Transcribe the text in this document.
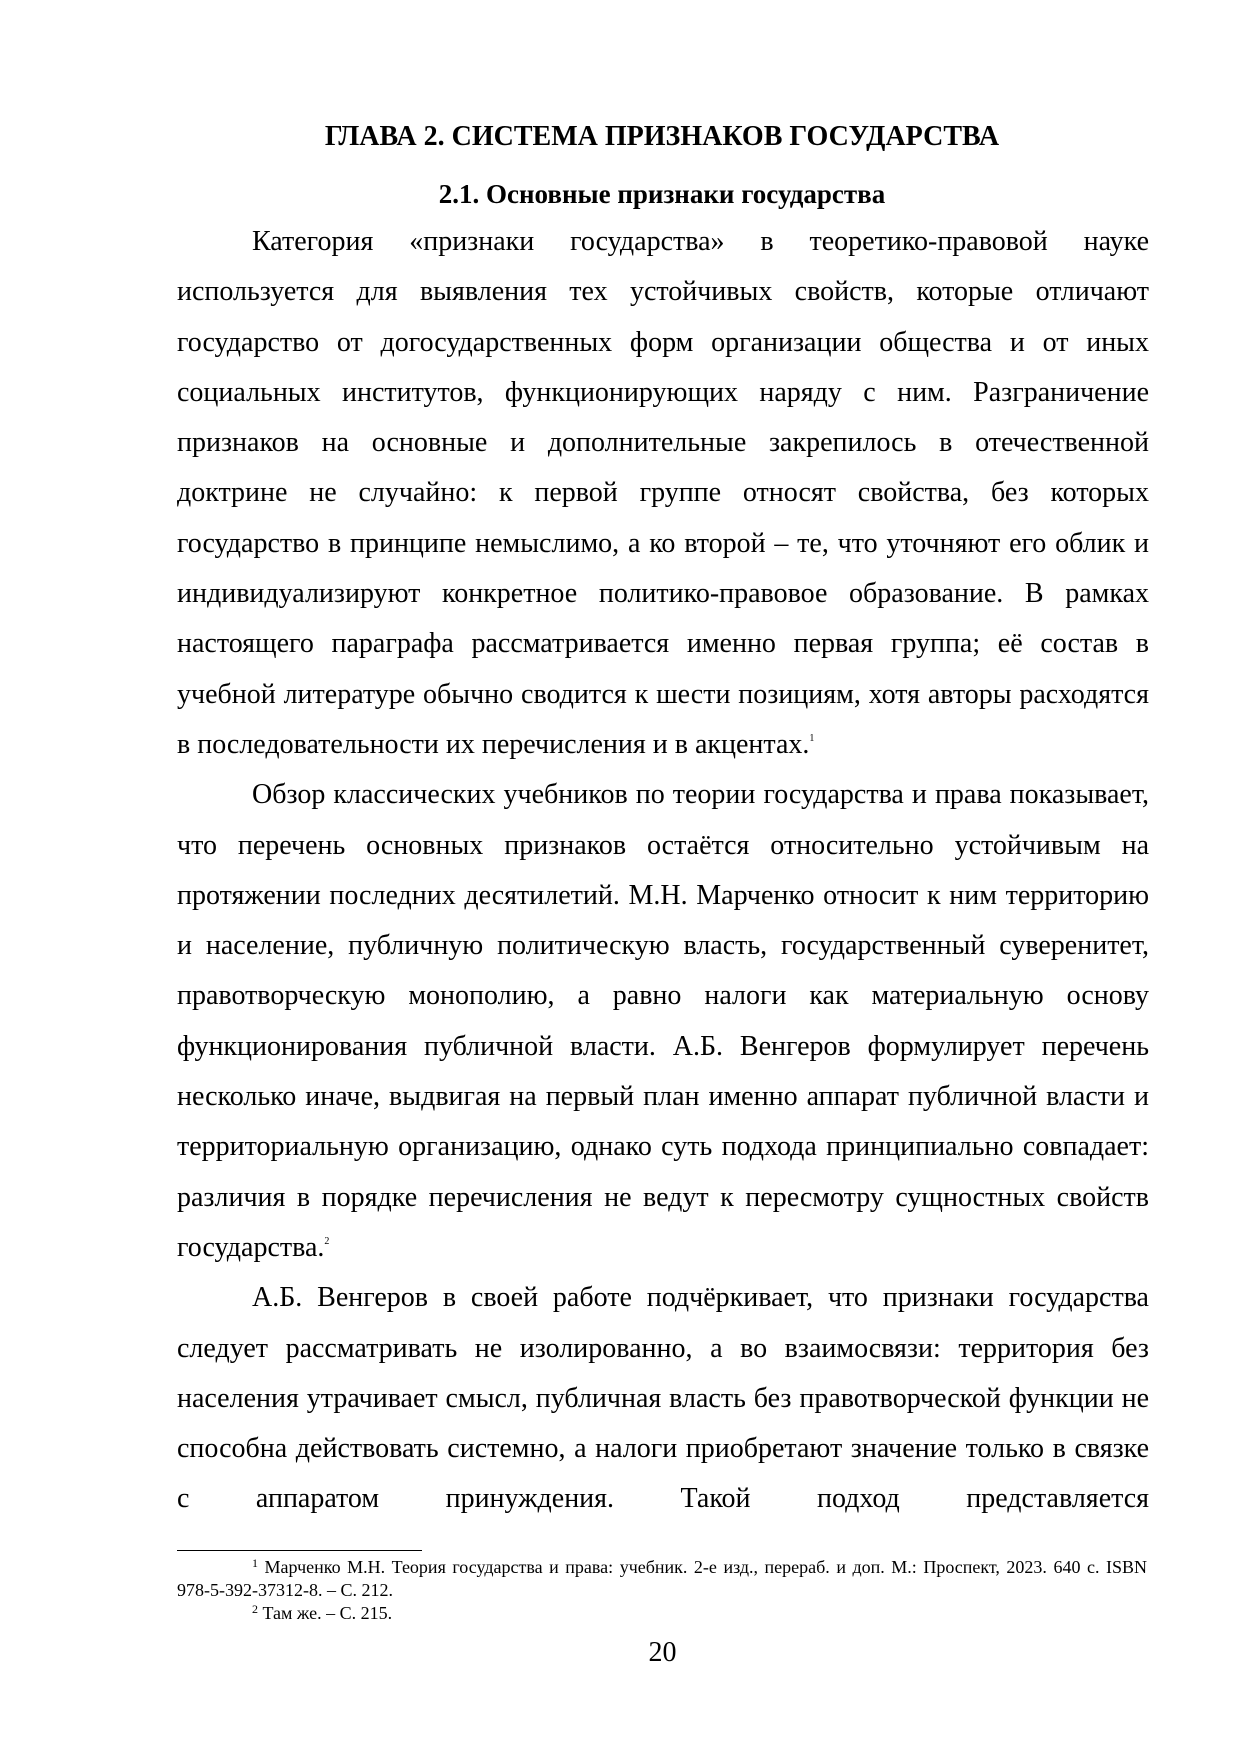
ГЛАВА 2. СИСТЕМА ПРИЗНАКОВ ГОСУДАРСТВА
2.1. Основные признаки государства

Категория «признаки государства» в теоретико-правовой науке используется для выявления тех устойчивых свойств, которые отличают государство от догосударственных форм организации общества и от иных социальных институтов, функционирующих наряду с ним. Разграничение признаков на основные и дополнительные закрепилось в отечественной доктрине не случайно: к первой группе относят свойства, без которых государство в принципе немыслимо, а ко второй – те, что уточняют его облик и индивидуализируют конкретное политико-правовое образование. В рамках настоящего параграфа рассматривается именно первая группа; её состав в учебной литературе обычно сводится к шести позициям, хотя авторы расходятся в последовательности их перечисления и в акцентах.$^1$

Обзор классических учебников по теории государства и права показывает, что перечень основных признаков остаётся относительно устойчивым на протяжении последних десятилетий. М.Н. Марченко относит к ним территорию и население, публичную политическую власть, государственный суверенитет, правотворческую монополию, а равно налоги как материальную основу функционирования публичной власти. А.Б. Венгеров формулирует перечень несколько иначе, выдвигая на первый план именно аппарат публичной власти и территориальную организацию, однако суть подхода принципиально совпадает: различия в порядке перечисления не ведут к пересмотру сущностных свойств государства.$^2$

А.Б. Венгеров в своей работе подчёркивает, что признаки государства следует рассматривать не изолированно, а во взаимосвязи: территория без населения утрачивает смысл, публичная власть без правотворческой функции не способна действовать системно, а налоги приобретают значение только в связке с аппаратом принуждения. Такой подход представляется

$^1$ Марченко М.Н. Теория государства и права: учебник. 2-е изд., перераб. и доп. М.: Проспект, 2023. 640 с. ISBN 978-5-392-37312-8. – С. 212.

$^2$ Там же. – С. 215.

20
